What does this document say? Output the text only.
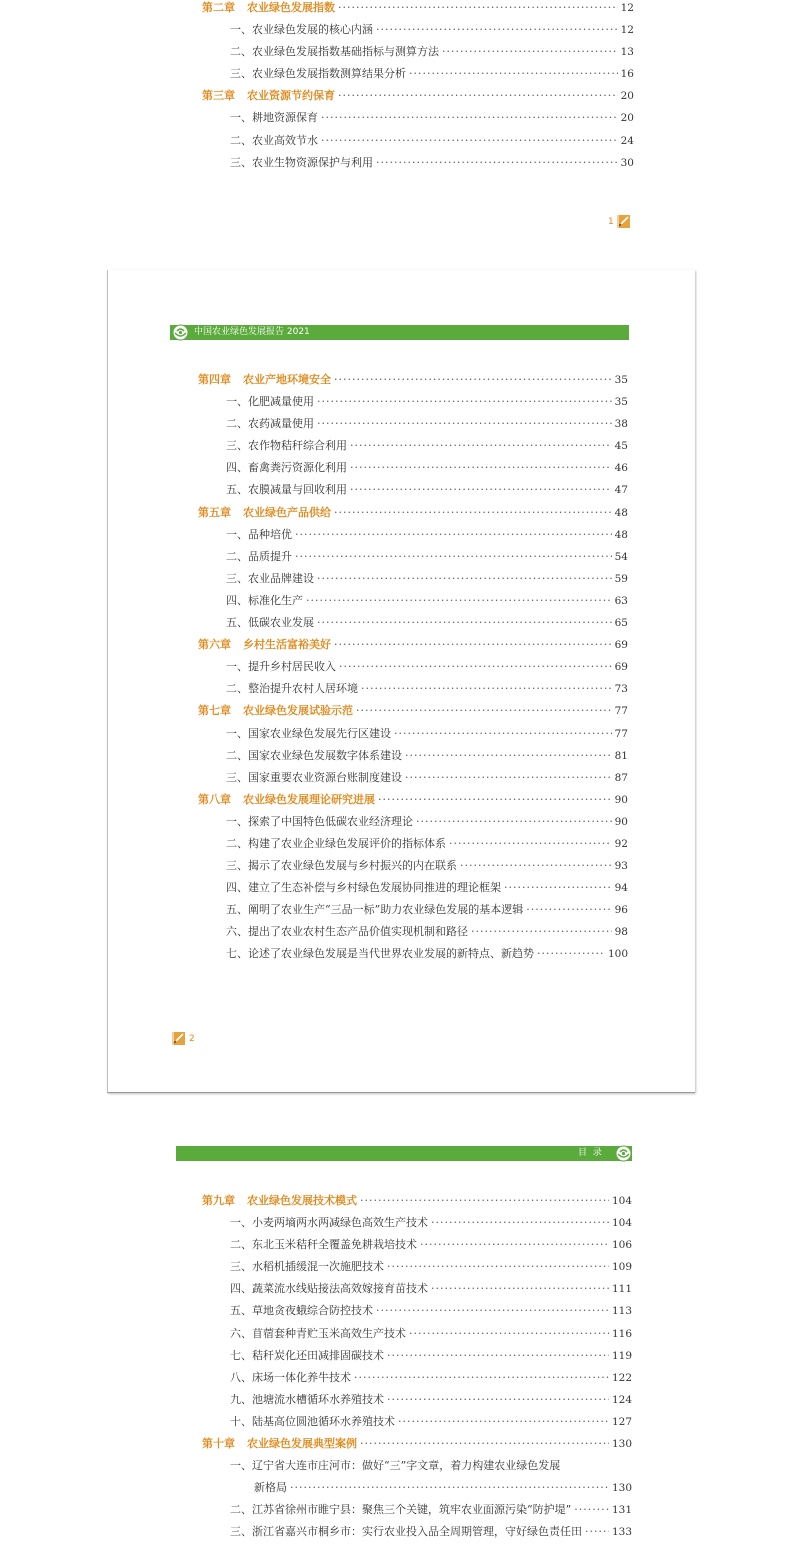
第二章 农业绿色发展指数 ·····	12
一、农业绿色发展的核心内涵 ·····	12
二、农业绿色发展指数基础指标与测算方法 ·····	13
三、农业绿色发展指数测算结果分析 ·····	16
第三章 农业资源节约保育 ·····	20
一、耕地资源保育 ·····	20
二、农业高效节水 ·····	24
三、农业生物资源保护与利用 ·····	30
1
中国农业绿色发展报告 2021
第四章 农业产地环境安全 ·····	35
一、化肥减量使用 ·····	35
二、农药减量使用 ·····	38
三、农作物秸秆综合利用 ·····	45
四、畜禽粪污资源化利用 ·····	46
五、农膜减量与回收利用 ·····	47
第五章 农业绿色产品供给 ·····	48
一、品种培优 ·····	48
二、品质提升 ·····	54
三、农业品牌建设 ·····	59
四、标准化生产 ·····	63
五、低碳农业发展 ·····	65
第六章 乡村生活富裕美好 ·····	69
一、提升乡村居民收入 ·····	69
二、整治提升农村人居环境 ·····	73
第七章 农业绿色发展试验示范 ·····	77
一、国家农业绿色发展先行区建设 ·····	77
二、国家农业绿色发展数字体系建设 ·····	81
三、国家重要农业资源台账制度建设 ·····	87
第八章 农业绿色发展理论研究进展 ·····	90
一、探索了中国特色低碳农业经济理论 ·····	90
二、构建了农业企业绿色发展评价的指标体系 ·····	92
三、揭示了农业绿色发展与乡村振兴的内在联系 ·····	93
四、建立了生态补偿与乡村绿色发展协同推进的理论框架 ·····	94
五、阐明了农业生产“三品一标”助力农业绿色发展的基本逻辑 ·····	96
六、提出了农业农村生态产品价值实现机制和路径 ·····	98
七、论述了农业绿色发展是当代世界农业发展的新特点、新趋势 ·····	100
2
目  录
第九章 农业绿色发展技术模式 ·····	104
一、小麦两墒两水两减绿色高效生产技术 ·····	104
二、东北玉米秸秆全覆盖免耕栽培技术 ·····	106
三、水稻机插缓混一次施肥技术 ·····	109
四、蔬菜流水线贴接法高效嫁接育苗技术 ·····	111
五、草地贪夜蛾综合防控技术 ·····	113
六、苜蓿套种青贮玉米高效生产技术 ·····	116
七、秸秆炭化还田减排固碳技术 ·····	119
八、床场一体化养牛技术 ·····	122
九、池塘流水槽循环水养殖技术 ·····	124
十、陆基高位圆池循环水养殖技术 ·····	127
第十章 农业绿色发展典型案例 ·····	130
一、辽宁省大连市庄河市：做好“三”字文章，着力构建农业绿色发展
新格局 ·····	130
二、江苏省徐州市睢宁县：聚焦三个关键，筑牢农业面源污染“防护堤” ·····	131
三、浙江省嘉兴市桐乡市：实行农业投入品全周期管理，守好绿色责任田 ·····	133
